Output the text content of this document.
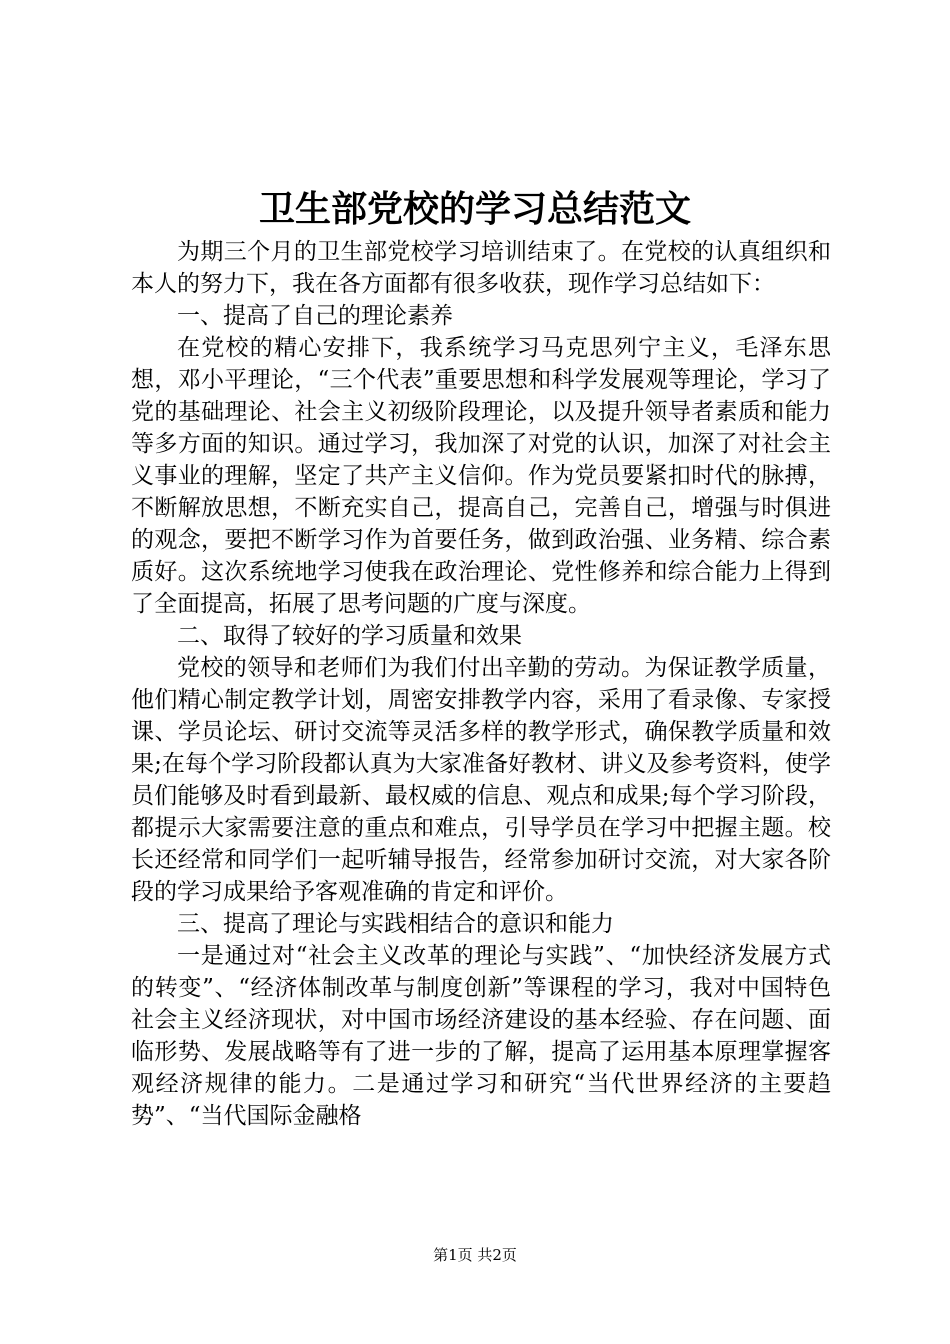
卫生部党校的学习总结范文

为期三个月的卫生部党校学习培训结束了。在党校的认真组织和本人的努力下，我在各方面都有很多收获，现作学习总结如下：

一、提高了自己的理论素养

在党校的精心安排下，我系统学习马克思列宁主义，毛泽东思想，邓小平理论，“三个代表”重要思想和科学发展观等理论，学习了党的基础理论、社会主义初级阶段理论，以及提升领导者素质和能力等多方面的知识。通过学习，我加深了对党的认识，加深了对社会主义事业的理解，坚定了共产主义信仰。作为党员要紧扣时代的脉搏，不断解放思想，不断充实自己，提高自己，完善自己，增强与时俱进的观念，要把不断学习作为首要任务，做到政治强、业务精、综合素质好。这次系统地学习使我在政治理论、党性修养和综合能力上得到了全面提高，拓展了思考问题的广度与深度。

二、取得了较好的学习质量和效果

党校的领导和老师们为我们付出辛勤的劳动。为保证教学质量，他们精心制定教学计划，周密安排教学内容，采用了看录像、专家授课、学员论坛、研讨交流等灵活多样的教学形式，确保教学质量和效果;在每个学习阶段都认真为大家准备好教材、讲义及参考资料，使学员们能够及时看到最新、最权威的信息、观点和成果;每个学习阶段，都提示大家需要注意的重点和难点，引导学员在学习中把握主题。校长还经常和同学们一起听辅导报告，经常参加研讨交流，对大家各阶段的学习成果给予客观准确的肯定和评价。

三、提高了理论与实践相结合的意识和能力

一是通过对“社会主义改革的理论与实践”、“加快经济发展方式的转变”、“经济体制改革与制度创新”等课程的学习，我对中国特色社会主义经济现状，对中国市场经济建设的基本经验、存在问题、面临形势、发展战略等有了进一步的了解，提高了运用基本原理掌握客观经济规律的能力。二是通过学习和研究“当代世界经济的主要趋势”、“当代国际金融格

第1页 共2页
